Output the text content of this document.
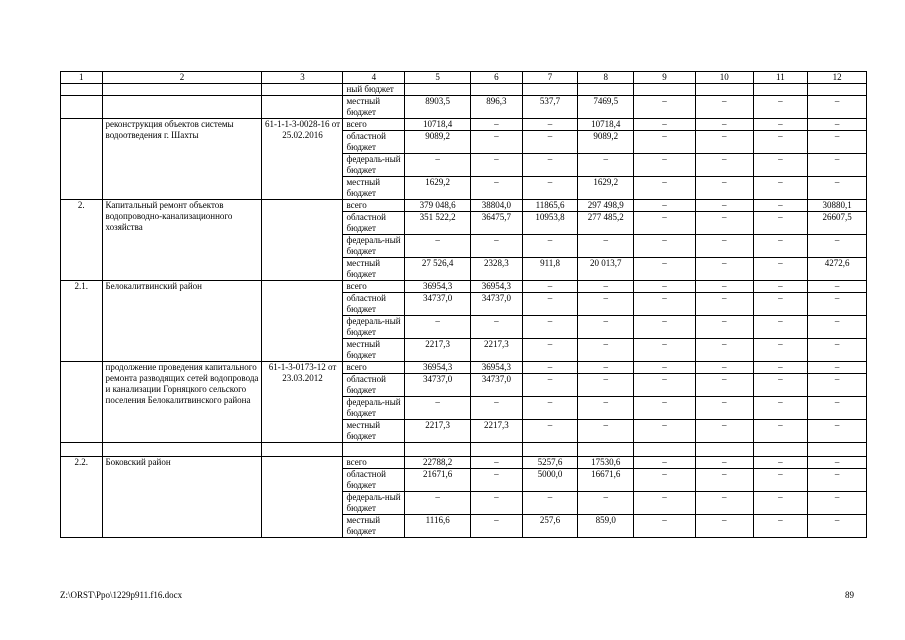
1	2	3	4	5	6	7	8	9	10	11	12
			ный бюджет								
			местный бюджет	8903,5	896,3	537,7	7469,5	–	–	–	–
	реконструкция объектов системы водоотведения г. Шахты	61-1-1-3-0028-16 от 25.02.2016	всего	10718,4	–	–	10718,4	–	–	–	–
			областной бюджет	9089,2	–	–	9089,2	–	–	–	–
			федераль-ный бюджет	–	–	–	–	–	–	–	–
			местный бюджет	1629,2	–	–	1629,2	–	–	–	–
2.	Капитальный ремонт объектов водопроводно-канализационного хозяйства		всего	379 048,6	38804,0	11865,6	297 498,9	–	–	–	30880,1
			областной бюджет	351 522,2	36475,7	10953,8	277 485,2	–	–	–	26607,5
			федераль-ный бюджет	–	–	–	–	–	–	–	–
			местный бюджет	27 526,4	2328,3	911,8	20 013,7	–	–	–	4272,6
2.1.	Белокалитвинский район		всего	36954,3	36954,3	–	–	–	–	–	–
			областной бюджет	34737,0	34737,0	–	–	–	–	–	–
			федераль-ный бюджет	–	–	–	–	–	–	–	–
			местный бюджет	2217,3	2217,3	–	–	–	–	–	–
	продолжение проведения капитального ремонта разводящих сетей водопровода и канализации Горняцкого сельского поселения Белокалитвинского района	61-1-3-0173-12 от 23.03.2012	всего	36954,3	36954,3	–	–	–	–	–	–
			областной бюджет	34737,0	34737,0	–	–	–	–	–	–
			федераль-ный бюджет	–	–	–	–	–	–	–	–
			местный бюджет	2217,3	2217,3	–	–	–	–	–	–

2.2.	Боковский район		всего	22788,2	–	5257,6	17530,6	–	–	–	–
			областной бюджет	21671,6	–	5000,0	16671,6	–	–	–	–
			федераль-ный бюджет	–	–	–	–	–	–	–	–
			местный бюджет	1116,6	–	257,6	859,0	–	–	–	–
Z:\ORST\Ppo\1229p911.f16.docx	89
